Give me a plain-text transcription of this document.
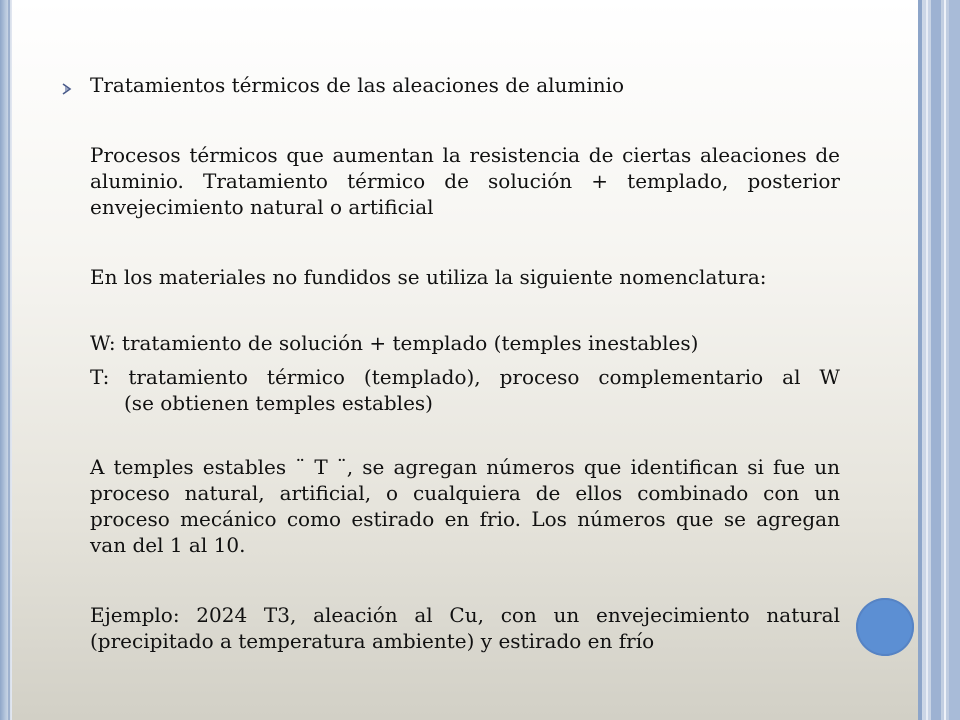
Tratamientos térmicos de las aleaciones de aluminio

Procesos térmicos que aumentan la resistencia de ciertas aleaciones de aluminio. Tratamiento térmico de solución + templado, posterior envejecimiento natural o artificial

En los materiales no fundidos se utiliza la siguiente nomenclatura:

W: tratamiento de solución + templado (temples inestables)

T: tratamiento térmico (templado), proceso complementario al W
(se obtienen temples estables)

A temples estables ¨ T ¨, se agregan números que identifican si fue un proceso natural, artificial, o cualquiera de ellos combinado con un proceso mecánico como estirado en frio. Los números que se agregan van del 1 al 10.

Ejemplo: 2024 T3, aleación al Cu, con un envejecimiento natural (precipitado a temperatura ambiente) y estirado en frío
